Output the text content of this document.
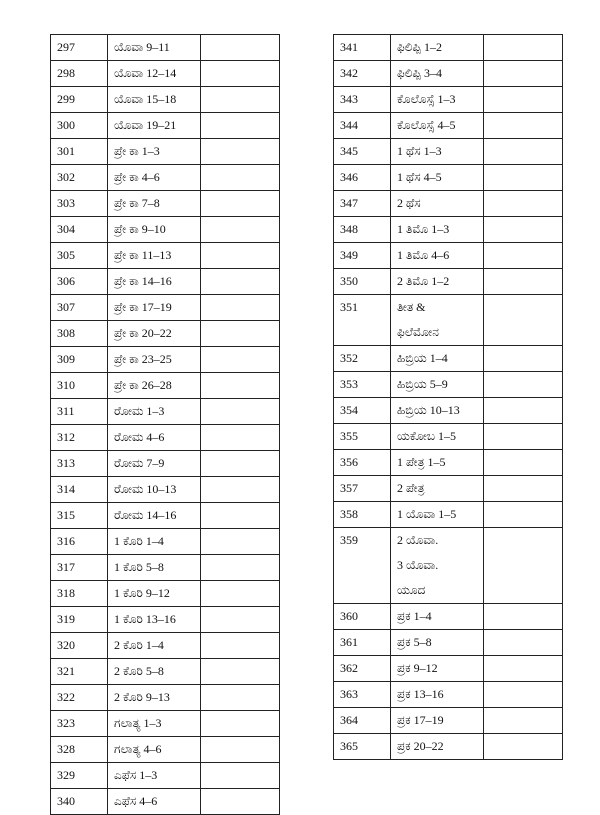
297	ಯೊವಾ 9–11	
298	ಯೊವಾ 12–14	
299	ಯೊವಾ 15–18	
300	ಯೊವಾ 19–21	
301	ಪ್ರೇ ಕಾ 1–3	
302	ಪ್ರೇ ಕಾ 4–6	
303	ಪ್ರೇ ಕಾ 7–8	
304	ಪ್ರೇ ಕಾ 9–10	
305	ಪ್ರೇ ಕಾ 11–13	
306	ಪ್ರೇ ಕಾ 14–16	
307	ಪ್ರೇ ಕಾ 17–19	
308	ಪ್ರೇ ಕಾ 20–22	
309	ಪ್ರೇ ಕಾ 23–25	
310	ಪ್ರೇ ಕಾ 26–28	
311	ರೋಮ 1–3	
312	ರೋಮ 4–6	
313	ರೋಮ 7–9	
314	ರೋಮ 10–13	
315	ರೋಮ 14–16	
316	1 ಕೊರಿ 1–4	
317	1 ಕೊರಿ 5–8	
318	1 ಕೊರಿ 9–12	
319	1 ಕೊರಿ 13–16	
320	2 ಕೊರಿ 1–4	
321	2 ಕೊರಿ 5–8	
322	2 ಕೊರಿ 9–13	
323	ಗಲಾತ್ಯ 1–3	
328	ಗಲಾತ್ಯ 4–6	
329	ಎಫೆಸ 1–3	
340	ಎಫೆಸ 4–6	
341	ಫಿಲಿಪ್ಪಿ 1–2	

342	ಫಿಲಿಪ್ಪಿ 3–4	

343	ಕೊಲೊಸ್ಸೆ 1–3	

344	ಕೊಲೊಸ್ಸೆ 4–5	

345	1 ಥೆಸ 1–3	

346	1 ಥೆಸ 4–5	

347	2 ಥೆಸ	

348	1 ತಿಮೊ 1–3	

349	1 ತಿಮೊ 4–6	

350	2 ತಿಮೊ 1–2	

351	ತೀತ &
ಫಿಲೆಮೋನ	

352	ಹಿಬ್ರಿಯ 1–4	

353	ಹಿಬ್ರಿಯ 5–9	

354	ಹಿಬ್ರಿಯ 10–13	

355	ಯಕೋಬ 1–5	

356	1 ಪೇತ್ರ 1–5	

357	2 ಪೇತ್ರ	

358	1 ಯೊವಾ 1–5	

359	2 ಯೊವಾ.
3 ಯೊವಾ.
ಯೂದ	

360	ಪ್ರಕ 1–4	

361	ಪ್ರಕ 5–8	

362	ಪ್ರಕ 9–12	

363	ಪ್ರಕ 13–16	

364	ಪ್ರಕ 17–19	

365	ಪ್ರಕ 20–22	
